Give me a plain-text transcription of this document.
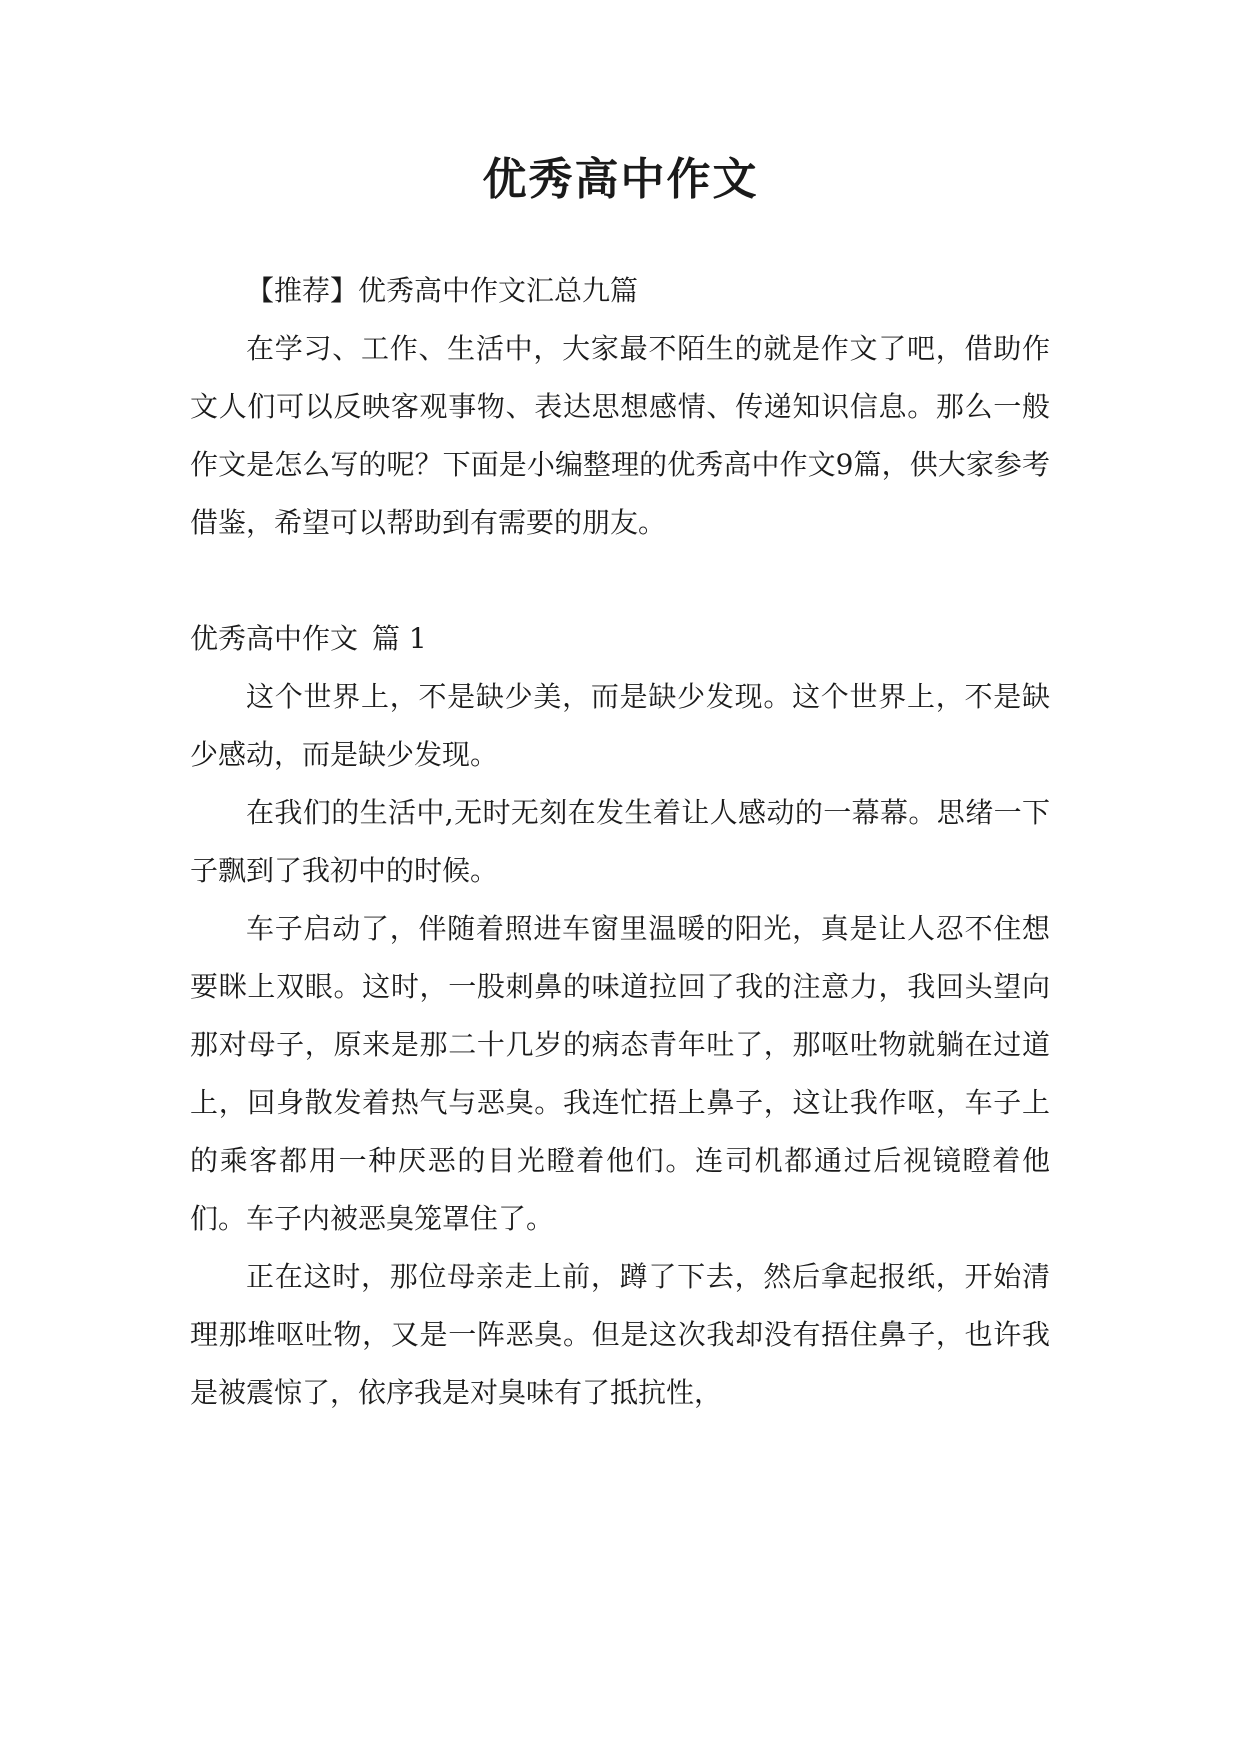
优秀高中作文

【推荐】优秀高中作文汇总九篇

在学习、工作、生活中，大家最不陌生的就是作文了吧，借助作文人们可以反映客观事物、表达思想感情、传递知识信息。那么一般作文是怎么写的呢？下面是小编整理的优秀高中作文9篇，供大家参考借鉴，希望可以帮助到有需要的朋友。

优秀高中作文 篇 1

这个世界上，不是缺少美，而是缺少发现。这个世界上，不是缺少感动，而是缺少发现。

在我们的生活中,无时无刻在发生着让人感动的一幕幕。思绪一下子飘到了我初中的时候。

车子启动了，伴随着照进车窗里温暖的阳光，真是让人忍不住想要眯上双眼。这时，一股刺鼻的味道拉回了我的注意力，我回头望向那对母子，原来是那二十几岁的病态青年吐了，那呕吐物就躺在过道上，回身散发着热气与恶臭。我连忙捂上鼻子，这让我作呕，车子上的乘客都用一种厌恶的目光瞪着他们。连司机都通过后视镜瞪着他们。车子内被恶臭笼罩住了。

正在这时，那位母亲走上前，蹲了下去，然后拿起报纸，开始清理那堆呕吐物，又是一阵恶臭。但是这次我却没有捂住鼻子，也许我是被震惊了，依序我是对臭味有了抵抗性，
